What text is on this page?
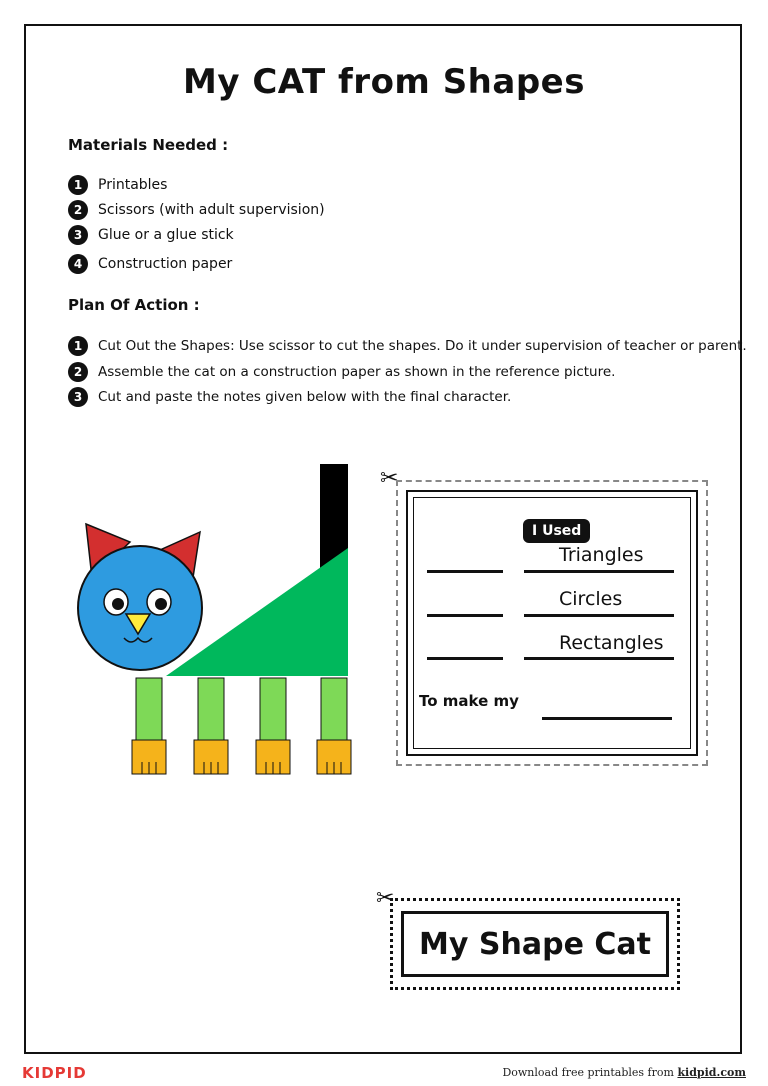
My CAT from Shapes
Materials Needed :
1	Printables
2	Scissors (with adult supervision)
3	Glue or a glue stick
4	Construction paper
Plan Of Action :
1	Cut Out the Shapes: Use scissor to cut the shapes. Do it under supervision of teacher or parent.
2	Assemble the cat on a construction paper as shown in the reference picture.
3	Cut and paste the notes given below with the final character.
✂
I Used
Triangles
Circles
Rectangles
To make my
✂
My Shape Cat
KIDPID	Download free printables from kidpid.com
